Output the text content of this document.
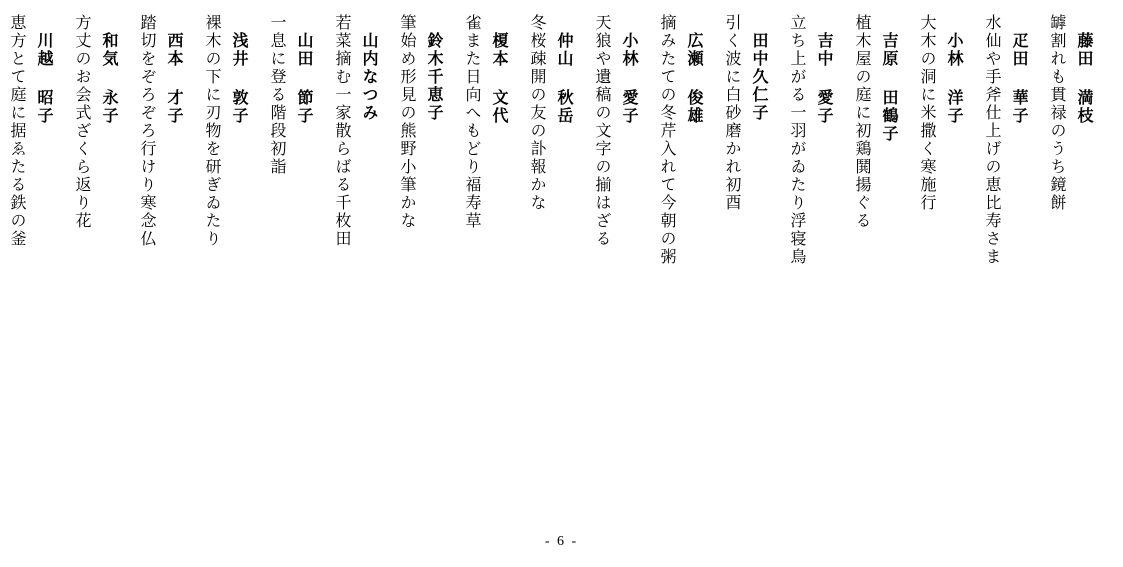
藤田 満枝

罅割れも貫禄のうち鏡餅

疋田 華子

水仙や手斧仕上げの恵比寿さま

小林 洋子

大木の洞に米撒く寒施行

吉原 田鶴子

植木屋の庭に初鶏鬨揚ぐる

吉中 愛子

立ち上がる一羽がゐたり浮寝鳥

田中久仁子

引く波に白砂磨かれ初酉

広瀬 俊雄

摘みたての冬芹入れて今朝の粥

小林 愛子

天狼や遺稿の文字の揃はざる

仲山 秋岳

冬桜疎開の友の訃報かな

榎本 文代

雀また日向へもどり福寿草

鈴木千恵子

筆始め形見の熊野小筆かな

山内なつみ

若菜摘む一家散らばる千枚田

山田 節子

一息に登る階段初詣

浅井 敦子

裸木の下に刃物を研ぎゐたり

西本 才子

踏切をぞろぞろ行けり寒念仏

和気 永子

方丈のお会式ざくら返り花

川越 昭子

恵方とて庭に据ゑたる鉄の釜

- 6 -
